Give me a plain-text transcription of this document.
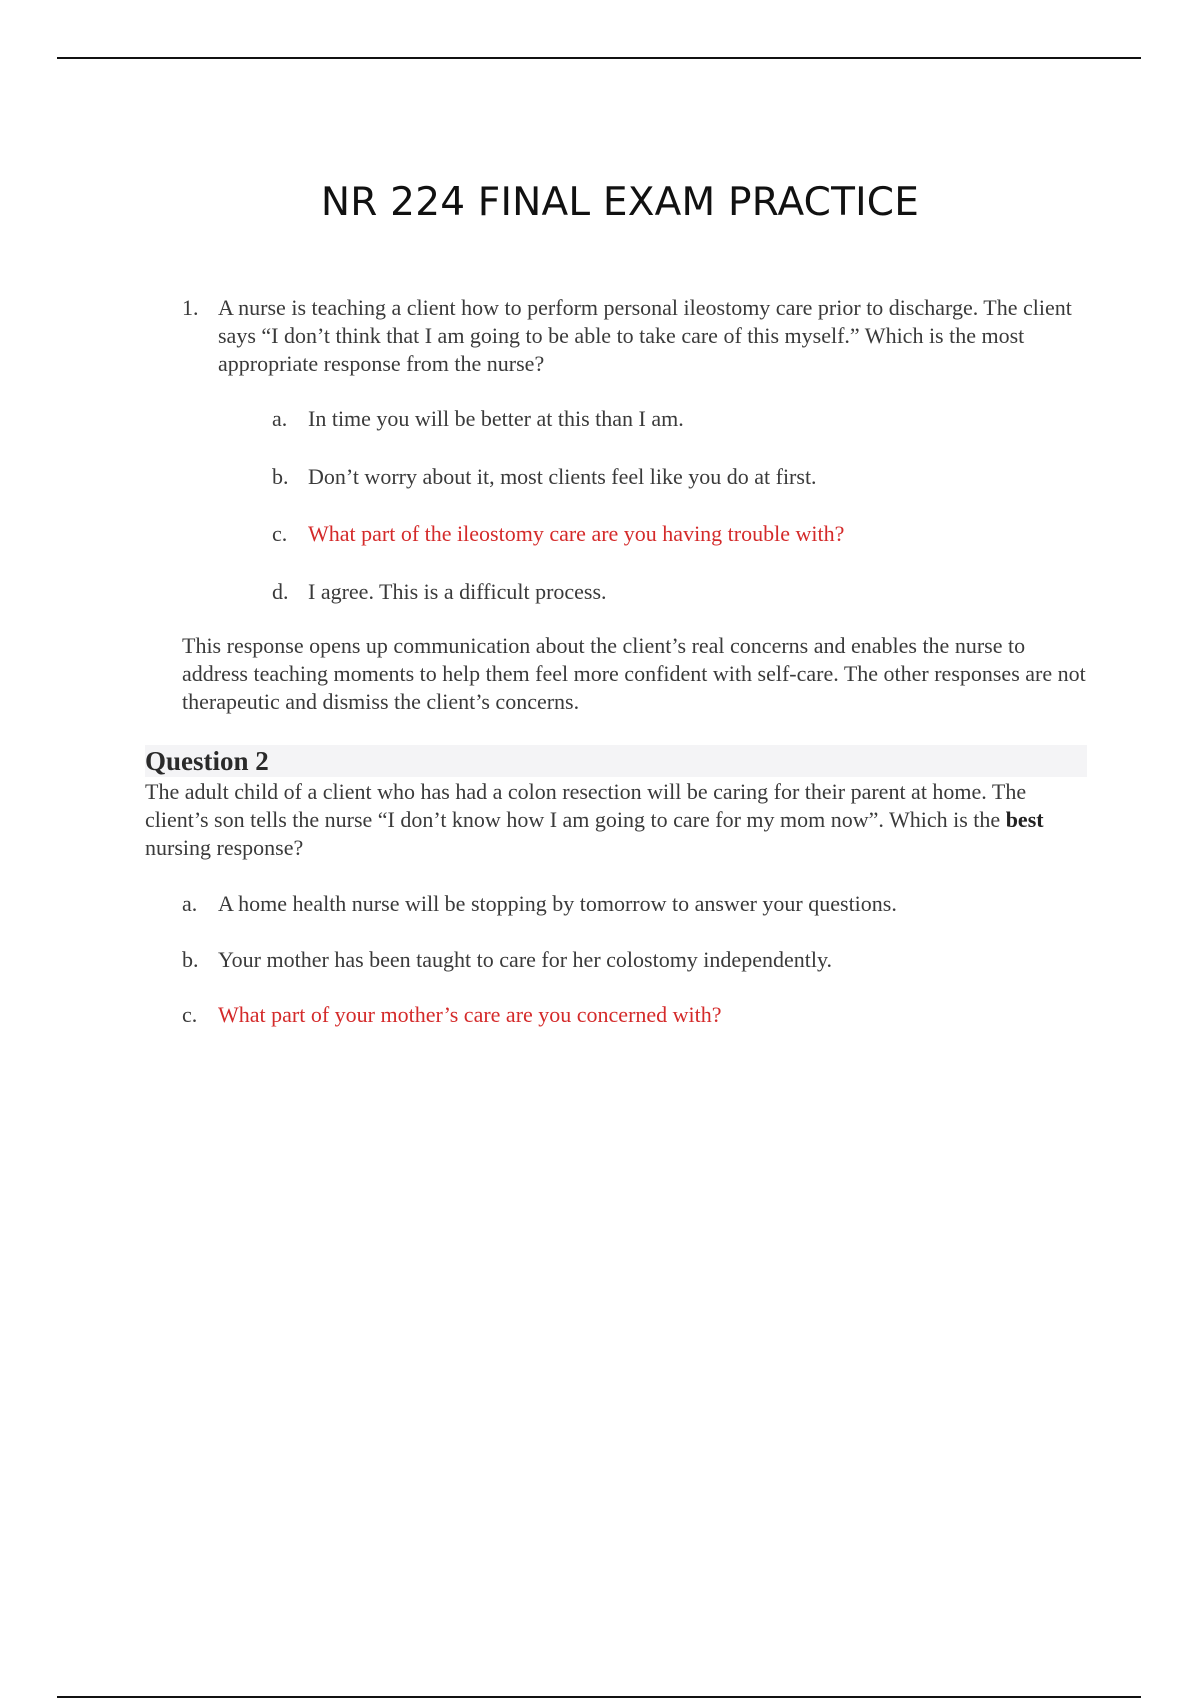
NR 224 FINAL EXAM PRACTICE
1. A nurse is teaching a client how to perform personal ileostomy care prior to discharge. The client says “I don’t think that I am going to be able to take care of this myself.” Which is the most appropriate response from the nurse?
a. In time you will be better at this than I am.
b. Don’t worry about it, most clients feel like you do at first.
c. What part of the ileostomy care are you having trouble with?
d. I agree. This is a difficult process.
This response opens up communication about the client’s real concerns and enables the nurse to address teaching moments to help them feel more confident with self-care. The other responses are not therapeutic and dismiss the client’s concerns.
Question 2
The adult child of a client who has had a colon resection will be caring for their parent at home. The client’s son tells the nurse “I don’t know how I am going to care for my mom now”. Which is the best nursing response?
a. A home health nurse will be stopping by tomorrow to answer your questions.
b. Your mother has been taught to care for her colostomy independently.
c. What part of your mother’s care are you concerned with?
